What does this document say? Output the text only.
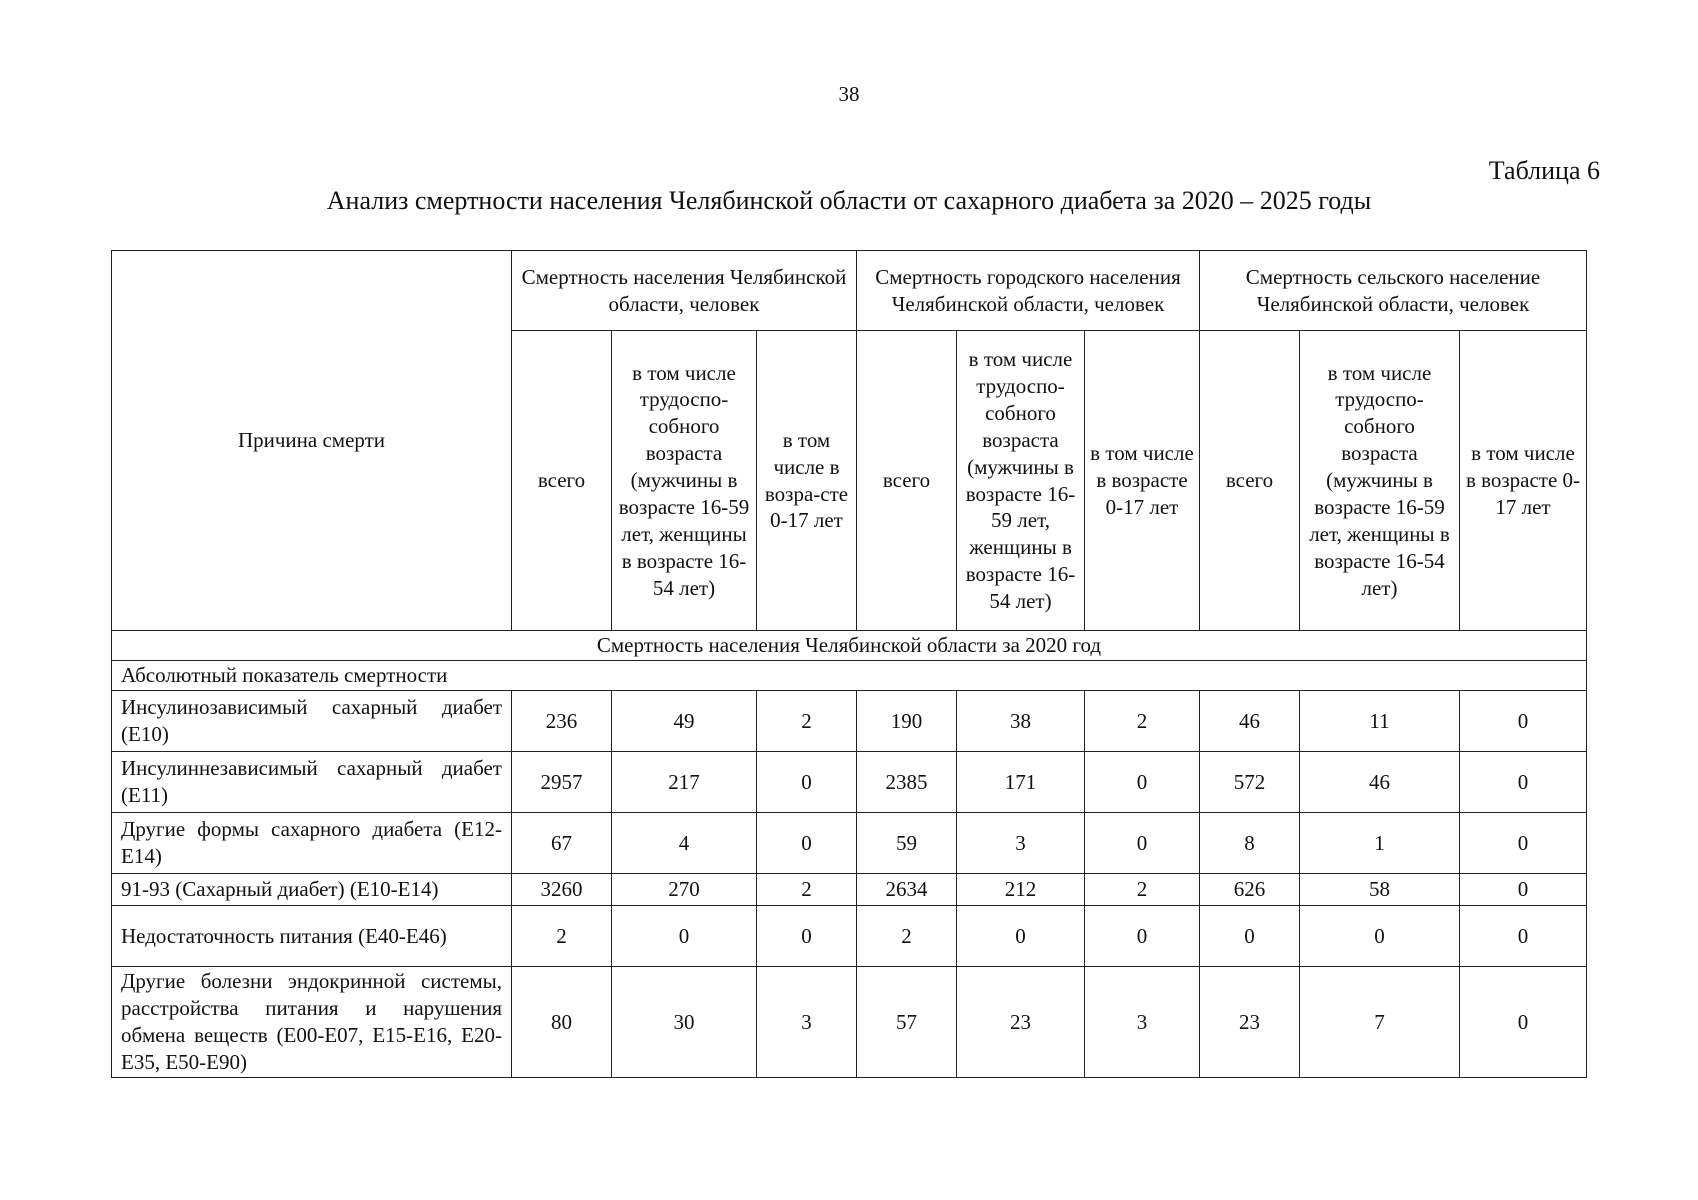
38
Таблица 6
Анализ смертности населения Челябинской области от сахарного диабета за 2020 – 2025 годы
Причина смерти	Смертность населения Челябинской области, человек			Смертность городского населения Челябинской области, человек			Смертность сельского население Челябинской области, человек		
	всего	в том числе трудоспо-собного возраста (мужчины в возрасте 16-59 лет, женщины в возрасте 16-54 лет)	в том числе в возра-сте 0-17 лет	всего	в том числе трудоспо-собного возраста (мужчины в возрасте 16-59 лет, женщины в возрасте 16-54 лет)	в том числе в возрасте 0-17 лет	всего	в том числе трудоспо-собного возраста (мужчины в возрасте 16-59 лет, женщины в возрасте 16-54 лет)	в том числе в возрасте 0-17 лет
Смертность населения Челябинской области за 2020 год									
Абсолютный показатель смертности									
Инсулинозависимый сахарный диабет (E10)	236	49	2	190	38	2	46	11	0
Инсулиннезависимый сахарный диабет (E11)	2957	217	0	2385	171	0	572	46	0
Другие формы сахарного диабета (E12-E14)	67	4	0	59	3	0	8	1	0
91-93 (Сахарный диабет) (E10-E14)	3260	270	2	2634	212	2	626	58	0
Недостаточность питания (E40-E46)	2	0	0	2	0	0	0	0	0
Другие болезни эндокринной системы, расстройства питания и нарушения обмена веществ (E00-E07, E15-E16, E20-E35, E50-E90)	80	30	3	57	23	3	23	7	0
